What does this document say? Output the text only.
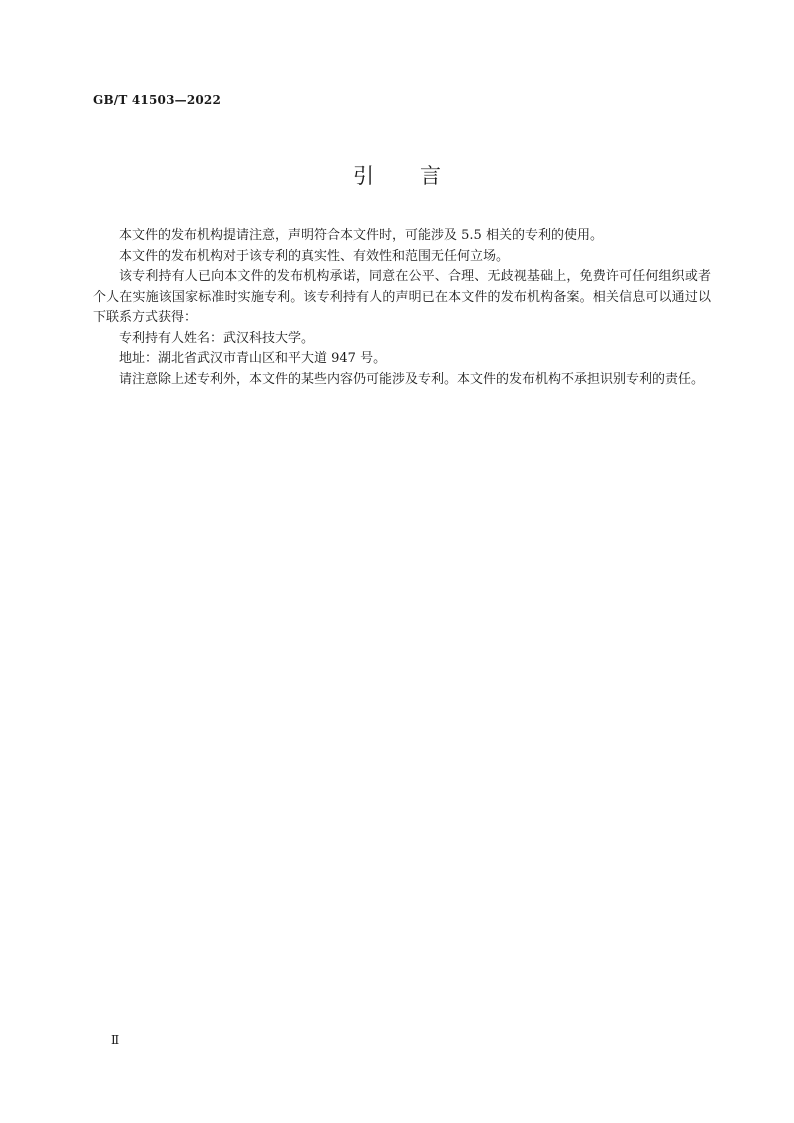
GB/T 41503—2022
引 言

本文件的发布机构提请注意，声明符合本文件时，可能涉及 5.5 相关的专利的使用。

本文件的发布机构对于该专利的真实性、有效性和范围无任何立场。

该专利持有人已向本文件的发布机构承诺，同意在公平、合理、无歧视基础上，免费许可任何组织或者个人在实施该国家标准时实施专利。该专利持有人的声明已在本文件的发布机构备案。相关信息可以通过以下联系方式获得：

专利持有人姓名：武汉科技大学。

地址：湖北省武汉市青山区和平大道 947 号。

请注意除上述专利外，本文件的某些内容仍可能涉及专利。本文件的发布机构不承担识别专利的责任。

Ⅱ
